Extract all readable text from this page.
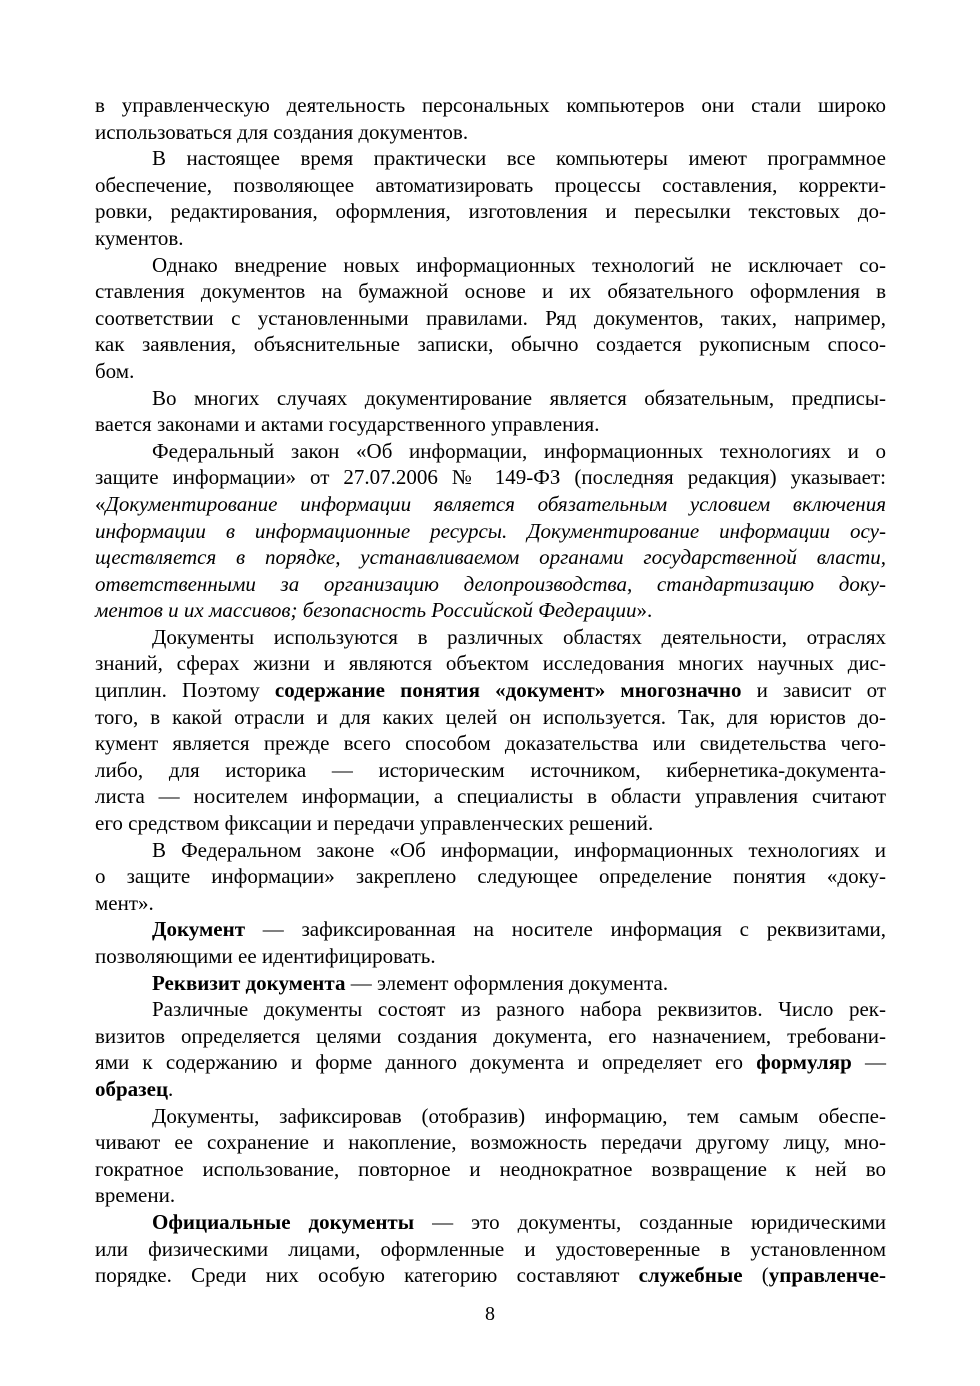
в управленческую деятельность персональных компьютеров они стали широко
использоваться для создания документов.
В настоящее время практически все компьютеры имеют программное
обеспечение, позволяющее автоматизировать процессы составления, корректи-
ровки, редактирования, оформления, изготовления и пересылки текстовых до-
кументов.
Однако внедрение новых информационных технологий не исключает со-
ставления документов на бумажной основе и их обязательного оформления в
соответствии с установленными правилами. Ряд документов, таких, например,
как заявления, объяснительные записки, обычно создается рукописным спосо-
бом.
Во многих случаях документирование является обязательным, предписы-
вается законами и актами государственного управления.
Федеральный закон «Об информации, информационных технологиях и о
защите информации» от 27.07.2006 № 149-ФЗ (последняя редакция) указывает:
«Документирование информации является обязательным условием включения
информации в информационные ресурсы. Документирование информации осу-
ществляется в порядке, устанавливаемом органами государственной власти,
ответственными за организацию делопроизводства, стандартизацию доку-
ментов и их массивов; безопасность Российской Федерации».
Документы используются в различных областях деятельности, отраслях
знаний, сферах жизни и являются объектом исследования многих научных дис-
циплин. Поэтому содержание понятия «документ» многозначно и зависит от
того, в какой отрасли и для каких целей он используется. Так, для юристов до-
кумент является прежде всего способом доказательства или свидетельства чего-
либо, для историка — историческим источником, кибернетика-документа-
листа — носителем информации, а специалисты в области управления считают
его средством фиксации и передачи управленческих решений.
В Федеральном законе «Об информации, информационных технологиях и
о защите информации» закреплено следующее определение понятия «доку-
мент».
Документ — зафиксированная на носителе информация с реквизитами,
позволяющими ее идентифицировать.
Реквизит документа — элемент оформления документа.
Различные документы состоят из разного набора реквизитов. Число рек-
визитов определяется целями создания документа, его назначением, требовани-
ями к содержанию и форме данного документа и определяет его формуляр —
образец.
Документы, зафиксировав (отобразив) информацию, тем самым обеспе-
чивают ее сохранение и накопление, возможность передачи другому лицу, мно-
гократное использование, повторное и неоднократное возвращение к ней во
времени.
Официальные документы — это документы, созданные юридическими
или физическими лицами, оформленные и удостоверенные в установленном
порядке. Среди них особую категорию составляют служебные (управленче-
8
